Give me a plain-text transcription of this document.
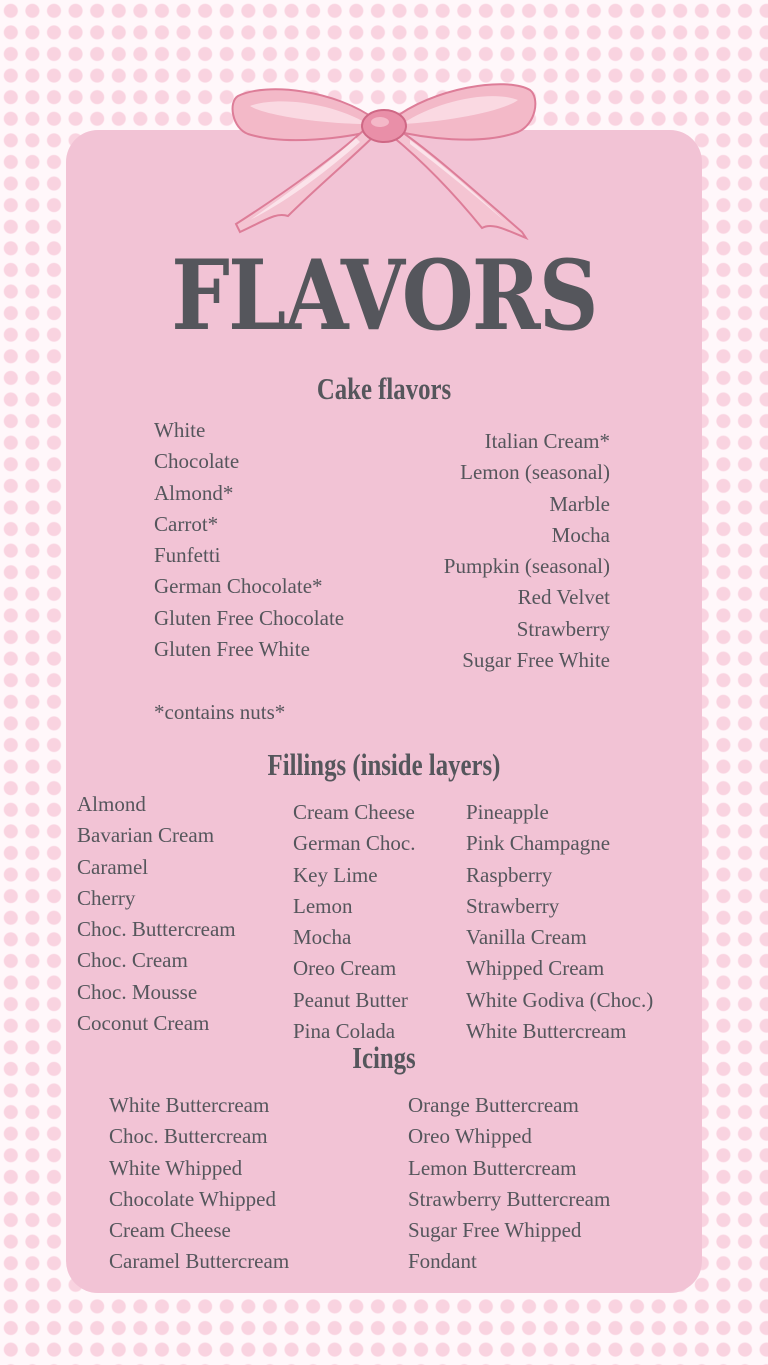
FLAVORS
Cake flavors
White
Chocolate
Almond*
Carrot*
Funfetti
German Chocolate*
Gluten Free Chocolate
Gluten Free White
Italian Cream*
Lemon (seasonal)
Marble
Mocha
Pumpkin (seasonal)
Red Velvet
Strawberry
Sugar Free White
*contains nuts*
Fillings (inside layers)
Almond
Bavarian Cream
Caramel
Cherry
Choc. Buttercream
Choc. Cream
Choc. Mousse
Coconut Cream
Cream Cheese
German Choc.
Key Lime
Lemon
Mocha
Oreo Cream
Peanut Butter
Pina Colada
Pineapple
Pink Champagne
Raspberry
Strawberry
Vanilla Cream
Whipped Cream
White Godiva (Choc.)
White Buttercream
Icings
White Buttercream
Choc. Buttercream
White Whipped
Chocolate Whipped
Cream Cheese
Caramel Buttercream
Orange Buttercream
Oreo Whipped
Lemon Buttercream
Strawberry Buttercream
Sugar Free Whipped
Fondant
